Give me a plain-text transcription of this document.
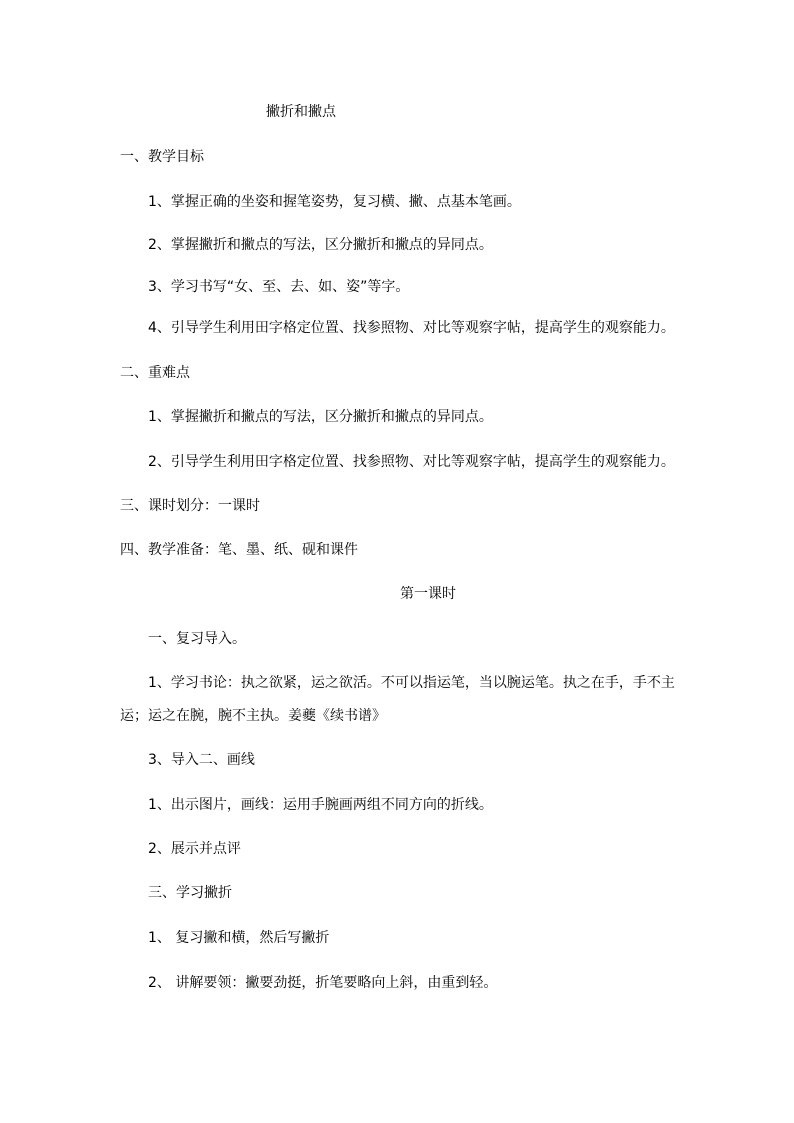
撇折和撇点
一、教学目标
1、掌握正确的坐姿和握笔姿势，复习横、撇、点基本笔画。
2、掌握撇折和撇点的写法，区分撇折和撇点的异同点。
3、学习书写“女、至、去、如、姿”等字。
4、引导学生利用田字格定位置、找参照物、对比等观察字帖，提高学生的观察能力。
二、重难点
1、掌握撇折和撇点的写法，区分撇折和撇点的异同点。
2、引导学生利用田字格定位置、找参照物、对比等观察字帖，提高学生的观察能力。
三、课时划分：一课时
四、教学准备：笔、墨、纸、砚和课件
第一课时
一、复习导入。
1、学习书论：执之欲紧，运之欲活。不可以指运笔，当以腕运笔。执之在手，手不主
运；运之在腕，腕不主执。姜夔《续书谱》
3、导入二、画线
1、出示图片，画线：运用手腕画两组不同方向的折线。
2、展示并点评
三、学习撇折
1、 复习撇和横，然后写撇折
2、 讲解要领：撇要劲挺，折笔要略向上斜，由重到轻。
